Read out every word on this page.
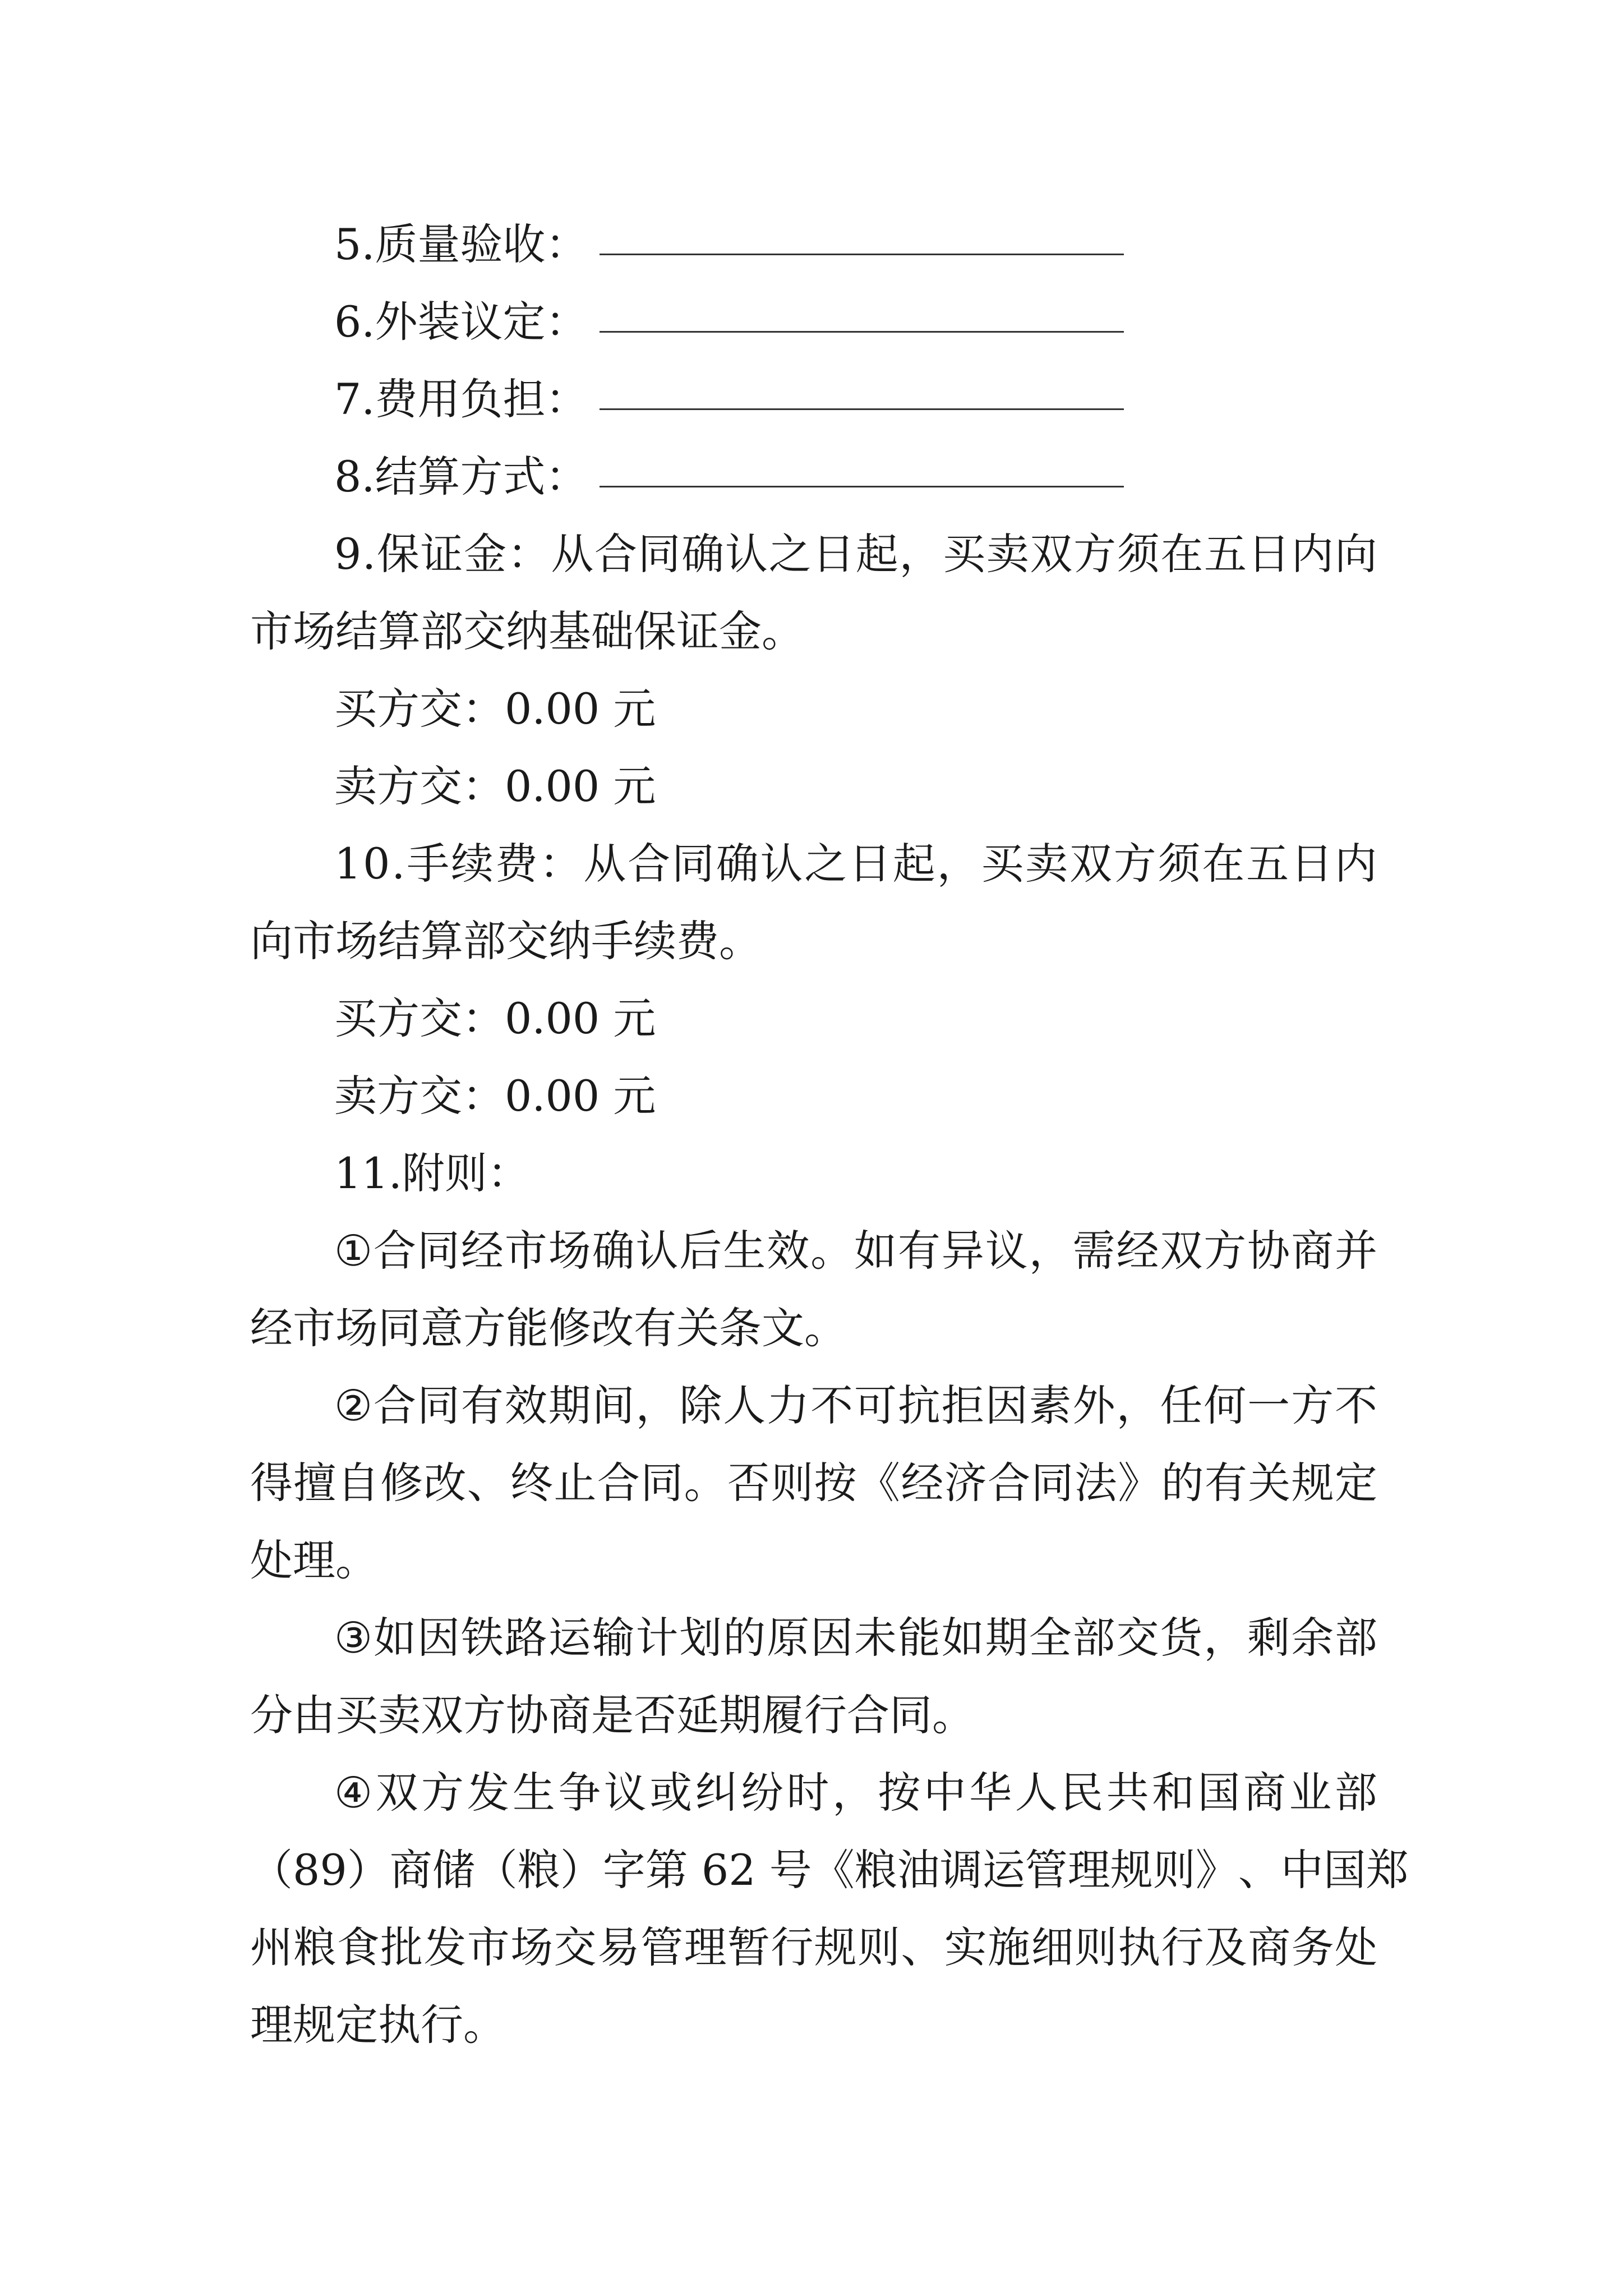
5.质量验收：
6.外装议定：
7.费用负担：
8.结算方式：
9 . 保 证 金 ： 从 合 同 确 认 之 日 起 ， 买 卖 双 方 须 在 五 日 内 向
市场结算部交纳基础保证金。
买方交：0.00 元
卖方交：0.00 元
1 0 . 手 续 费 ： 从 合 同 确 认 之 日 起 ， 买 卖 双 方 须 在 五 日 内
向市场结算部交纳手续费。
买方交：0.00 元
卖方交：0.00 元
11.附则：
① 合 同 经 市 场 确 认 后 生 效 。 如 有 异 议 ， 需 经 双 方 协 商 并
经市场同意方能修改有关条文。
② 合 同 有 效 期 间 ， 除 人 力 不 可 抗 拒 因 素 外 ， 任 何 一 方 不
得 擅 自 修 改 、 终 止 合 同 。 否 则 按 《 经 济 合 同 法 》 的 有 关 规 定
处理。
③ 如 因 铁 路 运 输 计 划 的 原 因 未 能 如 期 全 部 交 货 ， 剩 余 部
分由买卖双方协商是否延期履行合同。
④ 双 方 发 生 争 议 或 纠 纷 时 ， 按 中 华 人 民 共 和 国 商 业 部
（ 8 9 ） 商 储 （ 粮 ） 字 第
6 2
号 《 粮 油 调 运 管 理 规 则 》 、 中 国 郑
州 粮 食 批 发 市 场 交 易 管 理 暂 行 规 则 、 实 施 细 则 执 行 及 商 务 处
理规定执行。
